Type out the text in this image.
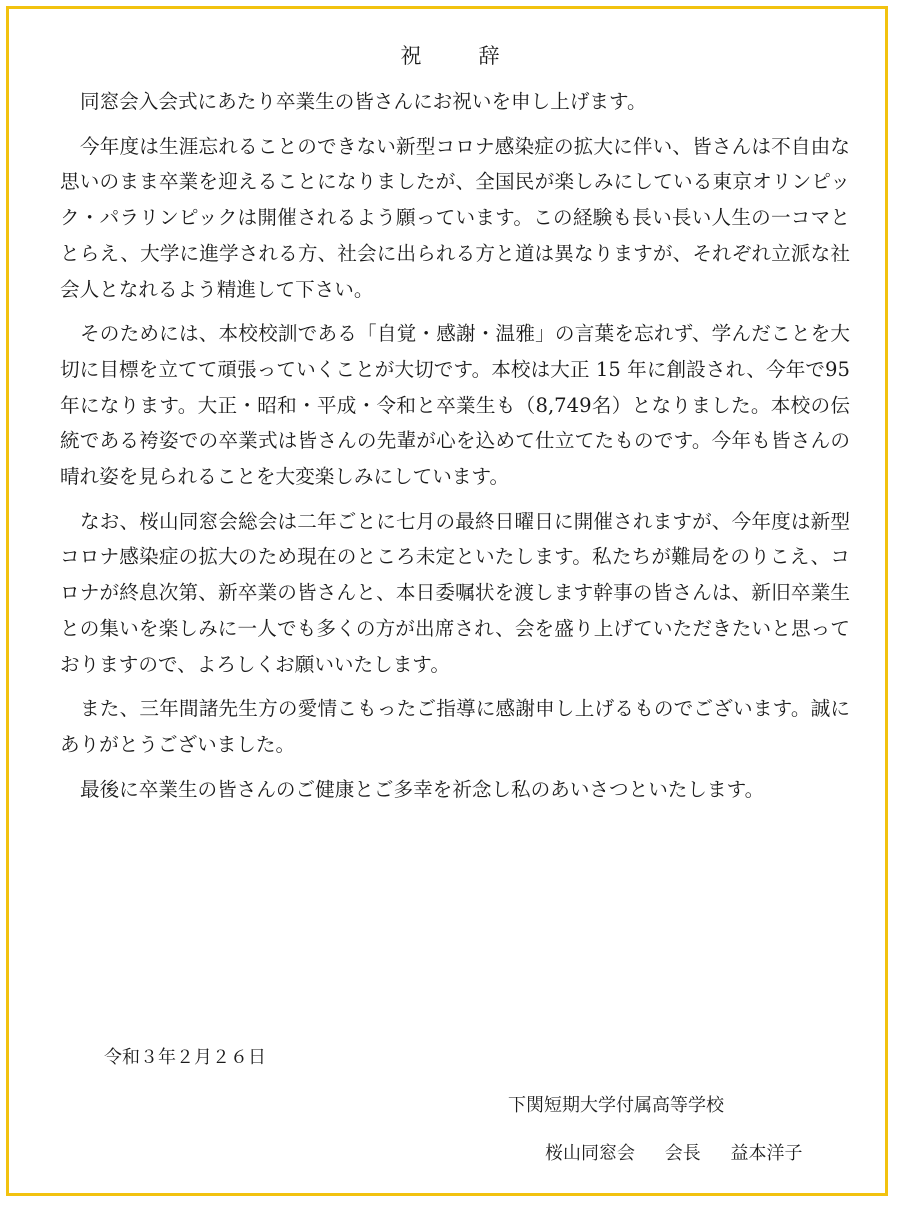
祝　辞

同窓会入会式にあたり卒業生の皆さんにお祝いを申し上げます。

今年度は生涯忘れることのできない新型コロナ感染症の拡大に伴い、皆さんは不自由な思いのまま卒業を迎えることになりましたが、全国民が楽しみにしている東京オリンピック・パラリンピックは開催されるよう願っています。この経験も長い長い人生の一コマととらえ、大学に進学される方、社会に出られる方と道は異なりますが、それぞれ立派な社会人となれるよう精進して下さい。

そのためには、本校校訓である「自覚・感謝・温雅」の言葉を忘れず、学んだことを大切に目標を立てて頑張っていくことが大切です。本校は大正 15 年に創設され、今年で95年になります。大正・昭和・平成・令和と卒業生も（8,749名）となりました。本校の伝統である袴姿での卒業式は皆さんの先輩が心を込めて仕立てたものです。今年も皆さんの晴れ姿を見られることを大変楽しみにしています。

なお、桜山同窓会総会は二年ごとに七月の最終日曜日に開催されますが、今年度は新型コロナ感染症の拡大のため現在のところ未定といたします。私たちが難局をのりこえ、コロナが終息次第、新卒業の皆さんと、本日委嘱状を渡します幹事の皆さんは、新旧卒業生との集いを楽しみに一人でも多くの方が出席され、会を盛り上げていただきたいと思っておりますので、よろしくお願いいたします。

また、三年間諸先生方の愛情こもったご指導に感謝申し上げるものでございます。誠にありがとうございました。

最後に卒業生の皆さんのご健康とご多幸を祈念し私のあいさつといたします。

令和３年２月２６日
下関短期大学付属高等学校
桜山同窓会 会長 益本洋子
